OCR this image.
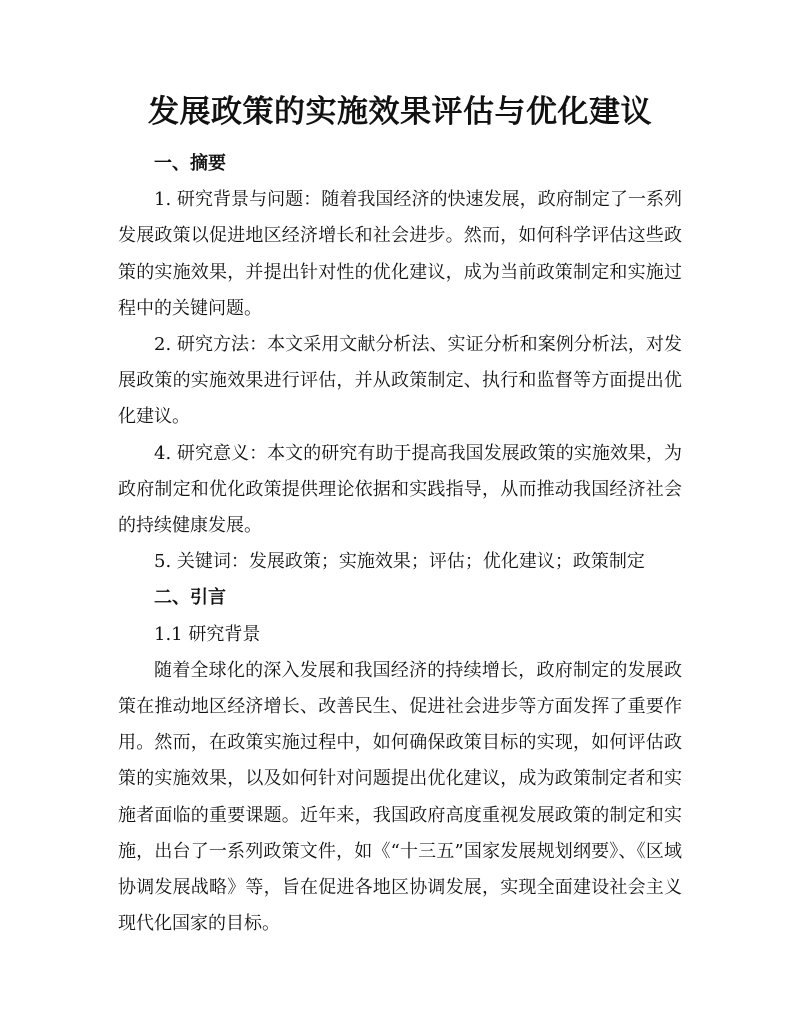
发展政策的实施效果评估与优化建议

一、摘要

1. 研究背景与问题：随着我国经济的快速发展，政府制定了一系列发展政策以促进地区经济增长和社会进步。然而，如何科学评估这些政策的实施效果，并提出针对性的优化建议，成为当前政策制定和实施过程中的关键问题。

2. 研究方法：本文采用文献分析法、实证分析和案例分析法，对发展政策的实施效果进行评估，并从政策制定、执行和监督等方面提出优化建议。

4. 研究意义：本文的研究有助于提高我国发展政策的实施效果，为政府制定和优化政策提供理论依据和实践指导，从而推动我国经济社会的持续健康发展。

5. 关键词：发展政策；实施效果；评估；优化建议；政策制定

二、引言

1.1 研究背景

随着全球化的深入发展和我国经济的持续增长，政府制定的发展政策在推动地区经济增长、改善民生、促进社会进步等方面发挥了重要作用。然而，在政策实施过程中，如何确保政策目标的实现，如何评估政策的实施效果，以及如何针对问题提出优化建议，成为政策制定者和实施者面临的重要课题。近年来，我国政府高度重视发展政策的制定和实施，出台了一系列政策文件，如《“十三五”国家发展规划纲要》、《区域协调发展战略》等，旨在促进各地区协调发展，实现全面建设社会主义现代化国家的目标。
